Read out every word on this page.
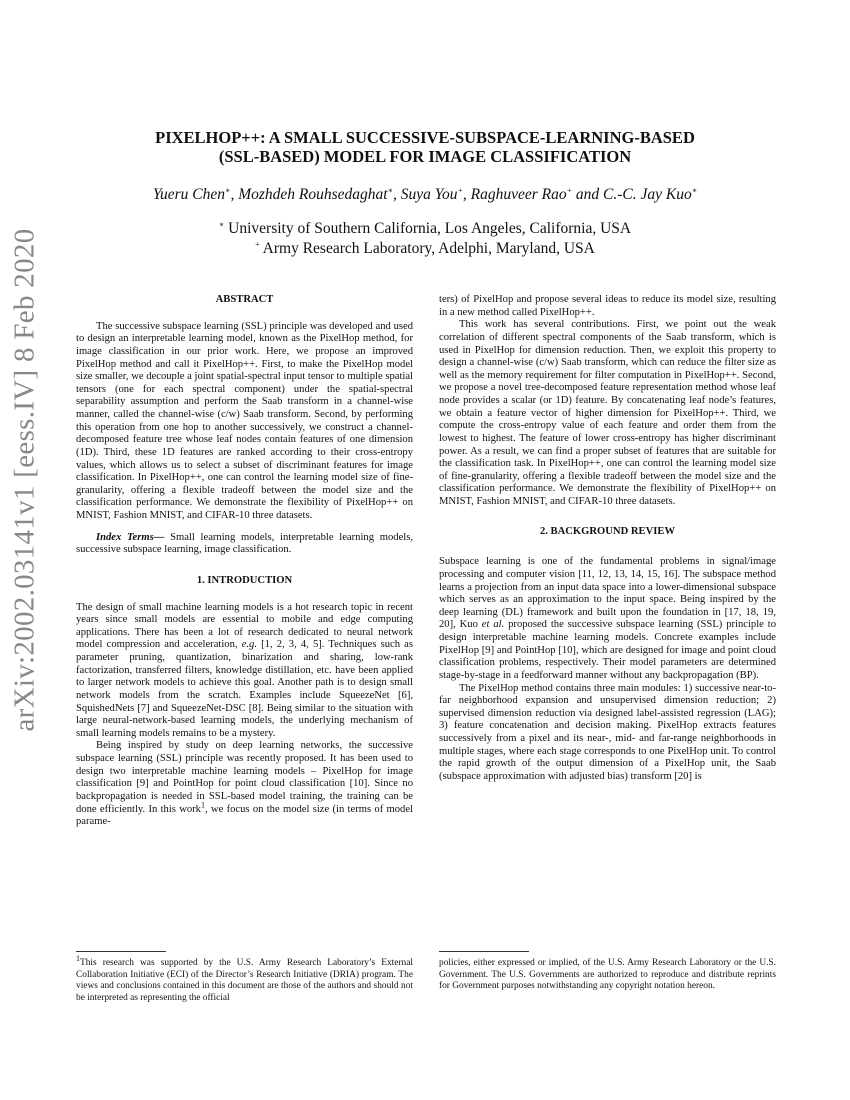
arXiv:2002.03141v1 [eess.IV] 8 Feb 2020
PIXELHOP++: A SMALL SUCCESSIVE-SUBSPACE-LEARNING-BASED
(SSL-BASED) MODEL FOR IMAGE CLASSIFICATION
Yueru Chen∗, Mozhdeh Rouhsedaghat∗, Suya You+, Raghuveer Rao+ and C.-C. Jay Kuo∗
∗ University of Southern California, Los Angeles, California, USA
+ Army Research Laboratory, Adelphi, Maryland, USA
ABSTRACT

The successive subspace learning (SSL) principle was developed and used to design an interpretable learning model, known as the PixelHop method, for image classification in our prior work. Here, we propose an improved PixelHop method and call it PixelHop++. First, to make the PixelHop model size smaller, we decouple a joint spatial-spectral input tensor to multiple spatial tensors (one for each spectral component) under the spatial-spectral separability assumption and perform the Saab transform in a channel-wise manner, called the channel-wise (c/w) Saab transform. Second, by performing this operation from one hop to another successively, we construct a channel-decomposed feature tree whose leaf nodes contain features of one dimension (1D). Third, these 1D features are ranked according to their cross-entropy values, which allows us to select a subset of discriminant features for image classification. In PixelHop++, one can control the learning model size of fine-granularity, offering a flexible tradeoff between the model size and the classification performance. We demonstrate the flexibility of PixelHop++ on MNIST, Fashion MNIST, and CIFAR-10 three datasets.

Index Terms— Small learning models, interpretable learning models, successive subspace learning, image classification.

1. INTRODUCTION

The design of small machine learning models is a hot research topic in recent years since small models are essential to mobile and edge computing applications. There has been a lot of research dedicated to neural network model compression and acceleration, e.g. [1, 2, 3, 4, 5]. Techniques such as parameter pruning, quantization, binarization and sharing, low-rank factorization, transferred filters, knowledge distillation, etc. have been applied to larger network models to achieve this goal. Another path is to design small network models from the scratch. Examples include SqueezeNet [6], SquishedNets [7] and SqueezeNet-DSC [8]. Being similar to the situation with large neural-network-based learning models, the underlying mechanism of small learning models remains to be a mystery.

Being inspired by study on deep learning networks, the successive subspace learning (SSL) principle was recently proposed. It has been used to design two interpretable machine learning models – PixelHop for image classification [9] and PointHop for point cloud classification [10]. Since no backpropagation is needed in SSL-based model training, the training can be done efficiently. In this work$^1$, we focus on the model size (in terms of model parame-

ters) of PixelHop and propose several ideas to reduce its model size, resulting in a new method called PixelHop++.

This work has several contributions. First, we point out the weak correlation of different spectral components of the Saab transform, which is used in PixelHop for dimension reduction. Then, we exploit this property to design a channel-wise (c/w) Saab transform, which can reduce the filter size as well as the memory requirement for filter computation in PixelHop++. Second, we propose a novel tree-decomposed feature representation method whose leaf node provides a scalar (or 1D) feature. By concatenating leaf node’s features, we obtain a feature vector of higher dimension for PixelHop++. Third, we compute the cross-entropy value of each feature and order them from the lowest to highest. The feature of lower cross-entropy has higher discriminant power. As a result, we can find a proper subset of features that are suitable for the classification task. In PixelHop++, one can control the learning model size of fine-granularity, offering a flexible tradeoff between the model size and the classification performance. We demonstrate the flexibility of PixelHop++ on MNIST, Fashion MNIST, and CIFAR-10 three datasets.

2. BACKGROUND REVIEW

Subspace learning is one of the fundamental problems in signal/image processing and computer vision [11, 12, 13, 14, 15, 16]. The subspace method learns a projection from an input data space into a lower-dimensional subspace which serves as an approximation to the input space. Being inspired by the deep learning (DL) framework and built upon the foundation in [17, 18, 19, 20], Kuo et al. proposed the successive subspace learning (SSL) principle to design interpretable machine learning models. Concrete examples include PixelHop [9] and PointHop [10], which are designed for image and point cloud classification problems, respectively. Their model parameters are determined stage-by-stage in a feedforward manner without any backpropagation (BP).

The PixelHop method contains three main modules: 1) successive near-to-far neighborhood expansion and unsupervised dimension reduction; 2) supervised dimension reduction via designed label-assisted regression (LAG); 3) feature concatenation and decision making. PixelHop extracts features successively from a pixel and its near-, mid- and far-range neighborhoods in multiple stages, where each stage corresponds to one PixelHop unit. To control the rapid growth of the output dimension of a PixelHop unit, the Saab (subspace approximation with adjusted bias) transform [20] is

$^1$This research was supported by the U.S. Army Research Laboratory’s External Collaboration Initiative (ECI) of the Director’s Research Initiative (DRIA) program. The views and conclusions contained in this document are those of the authors and should not be interpreted as representing the official
policies, either expressed or implied, of the U.S. Army Research Laboratory or the U.S. Government. The U.S. Governments are authorized to reproduce and distribute reprints for Government purposes notwithstanding any copyright notation hereon.
